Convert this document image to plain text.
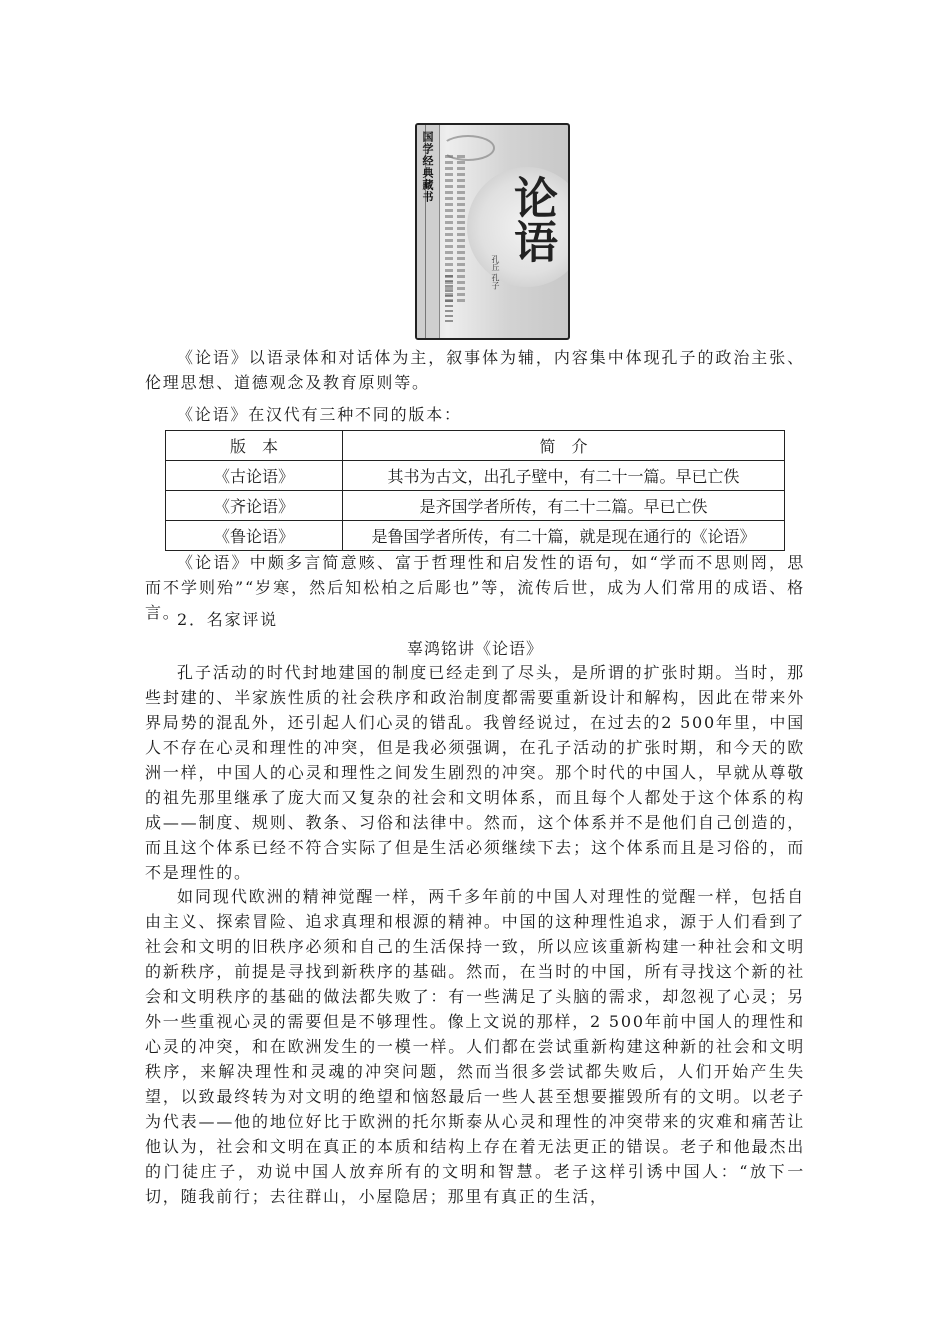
国学经典藏书
论语
孔丘 孔子

《论语》以语录体和对话体为主，叙事体为辅，内容集中体现孔子的政治主张、伦理思想、道德观念及教育原则等。

《论语》在汉代有三种不同的版本：

版　本	简　介
《古论语》	其书为古文，出孔子壁中，有二十一篇。早已亡佚
《齐论语》	是齐国学者所传，有二十二篇。早已亡佚
《鲁论语》	是鲁国学者所传，有二十篇，就是现在通行的《论语》

《论语》中颇多言简意赅、富于哲理性和启发性的语句，如“学而不思则罔，思而不学则殆”“岁寒，然后知松柏之后彫也”等，流传后世，成为人们常用的成语、格言。

2．名家评说

辜鸿铭讲《论语》

孔子活动的时代封地建国的制度已经走到了尽头，是所谓的扩张时期。当时，那些封建的、半家族性质的社会秩序和政治制度都需要重新设计和解构，因此在带来外界局势的混乱外，还引起人们心灵的错乱。我曾经说过，在过去的2 500年里，中国人不存在心灵和理性的冲突，但是我必须强调，在孔子活动的扩张时期，和今天的欧洲一样，中国人的心灵和理性之间发生剧烈的冲突。那个时代的中国人，早就从尊敬的祖先那里继承了庞大而又复杂的社会和文明体系，而且每个人都处于这个体系的构成——制度、规则、教条、习俗和法律中。然而，这个体系并不是他们自己创造的，而且这个体系已经不符合实际了但是生活必须继续下去；这个体系而且是习俗的，而不是理性的。

如同现代欧洲的精神觉醒一样，两千多年前的中国人对理性的觉醒一样，包括自由主义、探索冒险、追求真理和根源的精神。中国的这种理性追求，源于人们看到了社会和文明的旧秩序必须和自己的生活保持一致，所以应该重新构建一种社会和文明的新秩序，前提是寻找到新秩序的基础。然而，在当时的中国，所有寻找这个新的社会和文明秩序的基础的做法都失败了：有一些满足了头脑的需求，却忽视了心灵；另外一些重视心灵的需要但是不够理性。像上文说的那样，2 500年前中国人的理性和心灵的冲突，和在欧洲发生的一模一样。人们都在尝试重新构建这种新的社会和文明秩序，来解决理性和灵魂的冲突问题，然而当很多尝试都失败后，人们开始产生失望，以致最终转为对文明的绝望和恼怒最后一些人甚至想要摧毁所有的文明。以老子为代表——他的地位好比于欧洲的托尔斯泰从心灵和理性的冲突带来的灾难和痛苦让他认为，社会和文明在真正的本质和结构上存在着无法更正的错误。老子和他最杰出的门徒庄子，劝说中国人放弃所有的文明和智慧。老子这样引诱中国人：“放下一切，随我前行；去往群山，小屋隐居；那里有真正的生活，
